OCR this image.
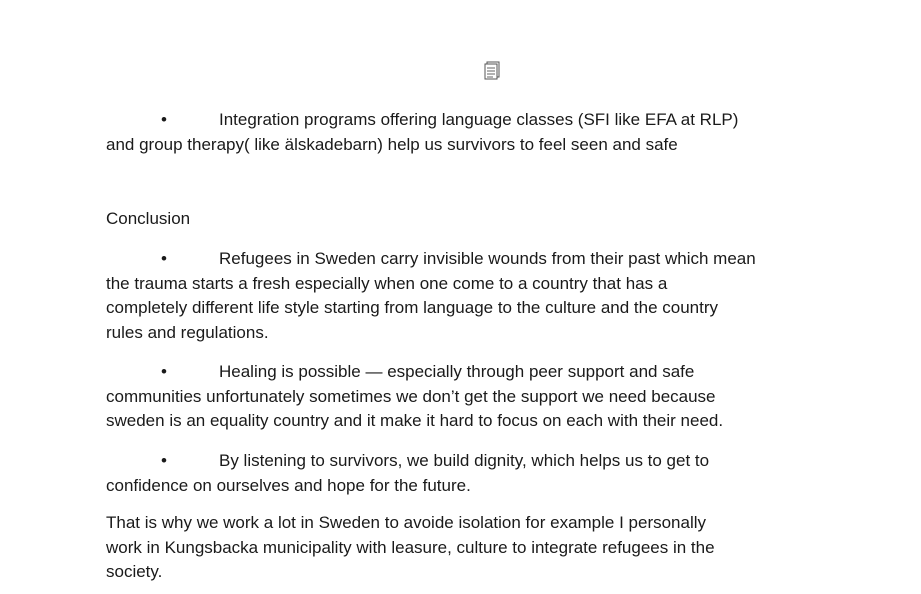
•	Integration programs offering language classes (SFI like EFA at RLP)
and group therapy( like älskadebarn) help us survivors to feel seen and safe
Conclusion
•	Refugees in Sweden carry invisible wounds from their past which mean
the trauma starts a fresh especially when one come to a country that has a
completely different life style starting from language to the culture and the country
rules and regulations.
•	Healing is possible — especially through peer support and safe
communities unfortunately sometimes we don’t get the support we need because
sweden is an equality country and it make it hard to focus on each with their need.
•	By listening to survivors, we build dignity, which helps us to get to
confidence on ourselves and hope for the future.
That is why we work a lot in Sweden to avoide isolation for example I personally
work in Kungsbacka municipality with leasure, culture to integrate refugees in the
society.
